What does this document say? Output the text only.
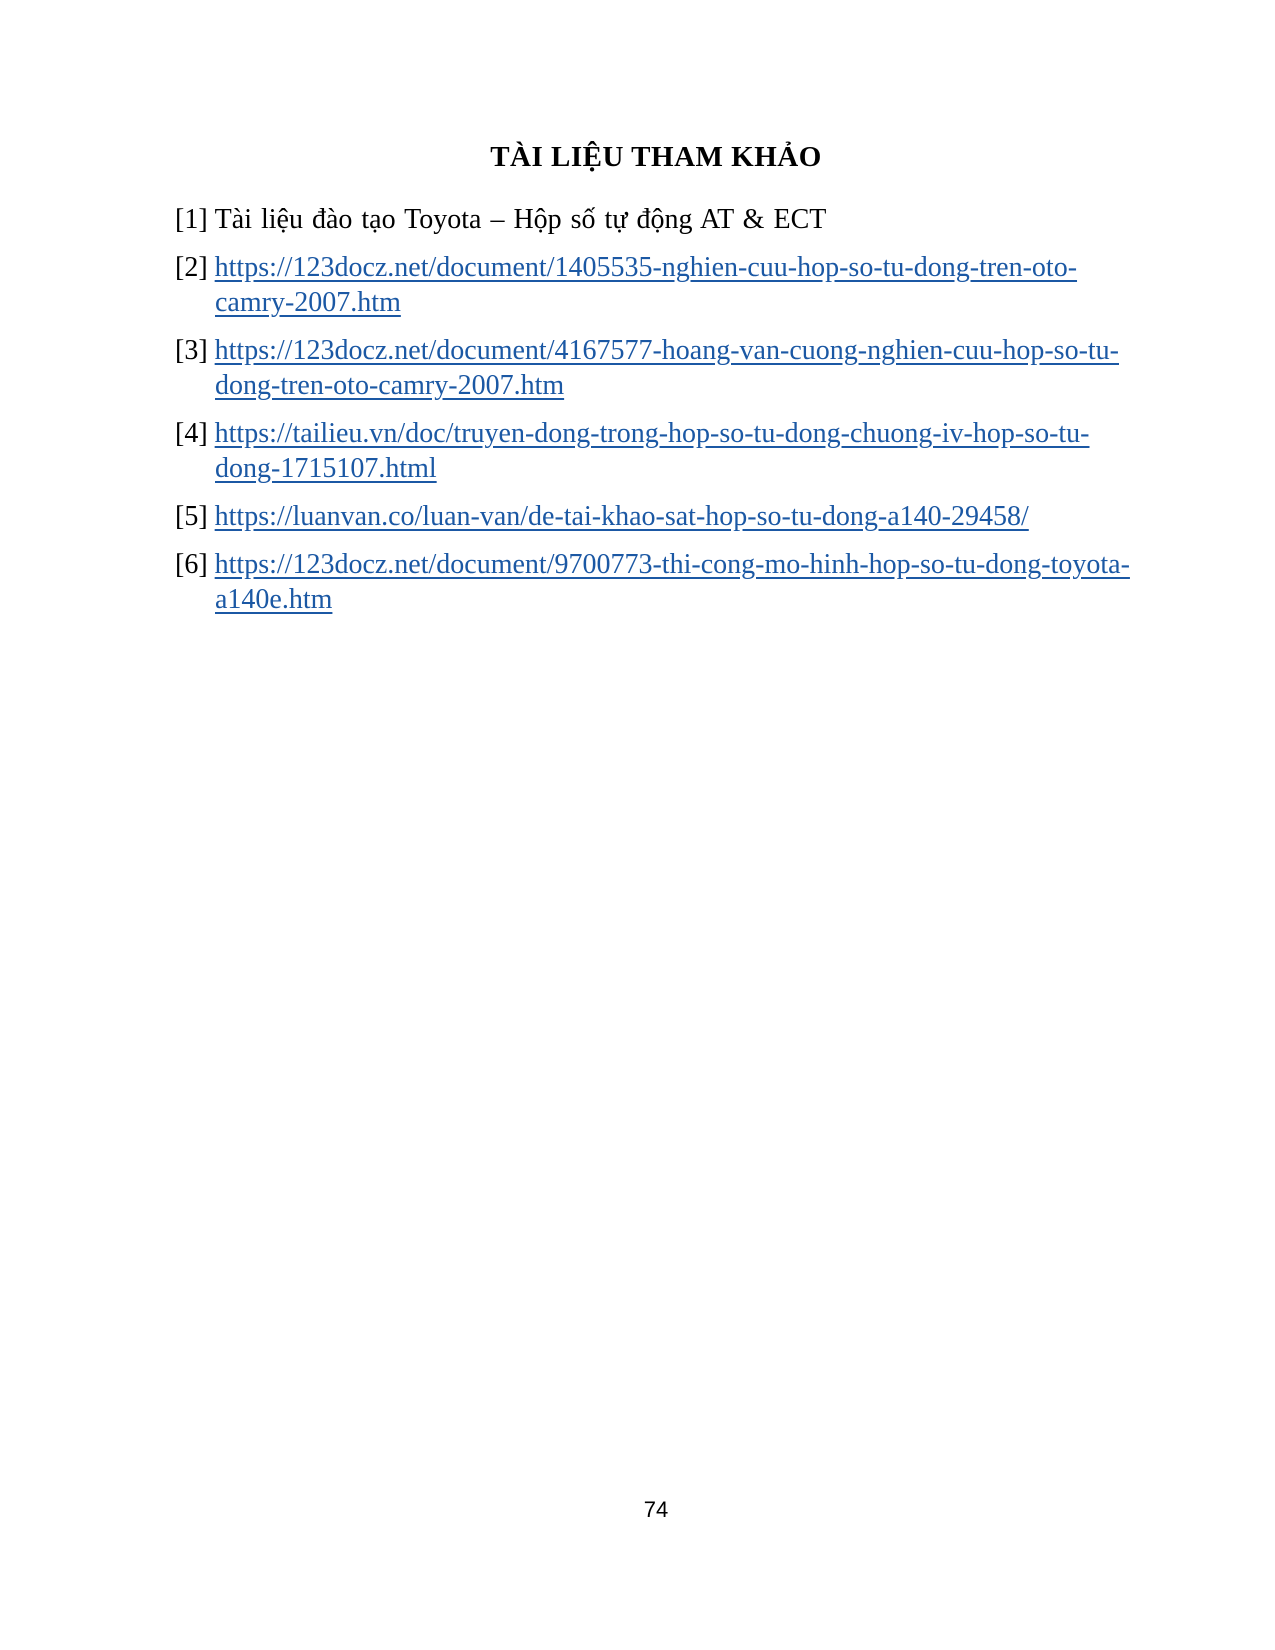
TÀI LIỆU THAM KHẢO

[1] Tài liệu đào tạo Toyota – Hộp số tự động AT & ECT

[2] https://123docz.net/document/1405535-nghien-cuu-hop-so-tu-dong-tren-oto-camry-2007.htm

[3] https://123docz.net/document/4167577-hoang-van-cuong-nghien-cuu-hop-so-tu-dong-tren-oto-camry-2007.htm

[4] https://tailieu.vn/doc/truyen-dong-trong-hop-so-tu-dong-chuong-iv-hop-so-tu-dong-1715107.html

[5] https://luanvan.co/luan-van/de-tai-khao-sat-hop-so-tu-dong-a140-29458/

[6] https://123docz.net/document/9700773-thi-cong-mo-hinh-hop-so-tu-dong-toyota-a140e.htm

74
